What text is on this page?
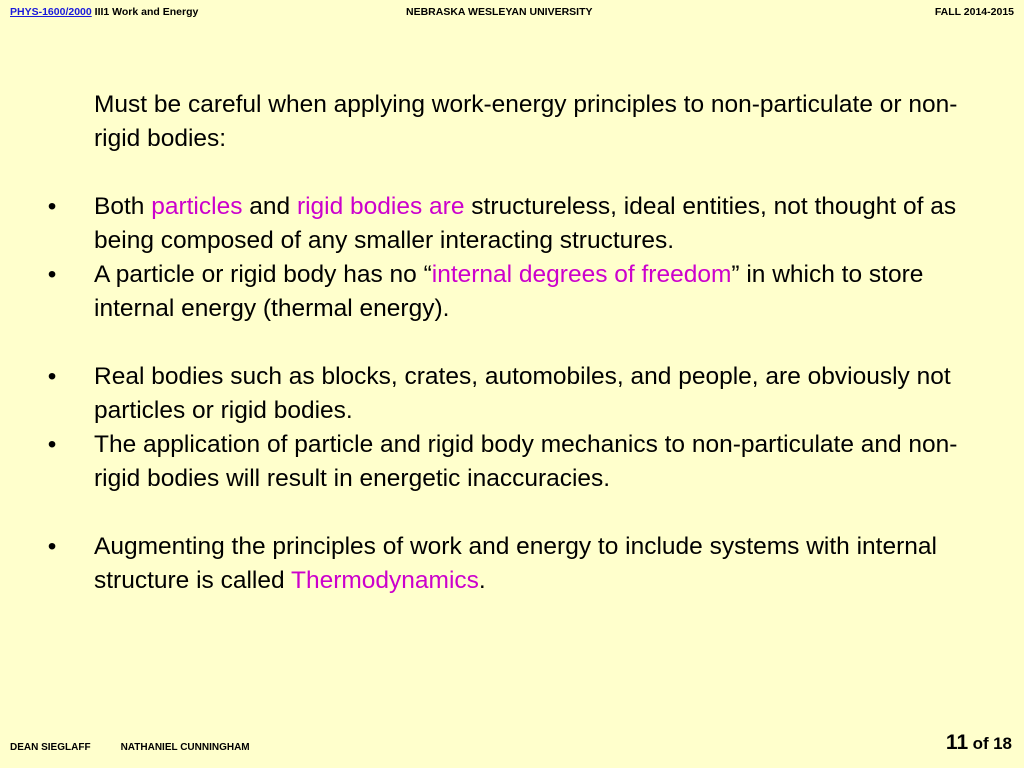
PHYS-1600/2000 III1 Work and Energy	NEBRASKA WESLEYAN UNIVERSITY	FALL 2014-2015

Must be careful when applying work-energy principles to non-particulate or non-rigid bodies:

• Both particles and rigid bodies are structureless, ideal entities, not thought of as being composed of any smaller interacting structures.

• A particle or rigid body has no “internal degrees of freedom” in which to store internal energy (thermal energy).

• Real bodies such as blocks, crates, automobiles, and people, are obviously not particles or rigid bodies.

• The application of particle and rigid body mechanics to non-particulate and non-rigid bodies will result in energetic inaccuracies.

• Augmenting the principles of work and energy to include systems with internal structure is called Thermodynamics.

DEAN SIEGLAFF	NATHANIEL CUNNINGHAM	11 of 18
